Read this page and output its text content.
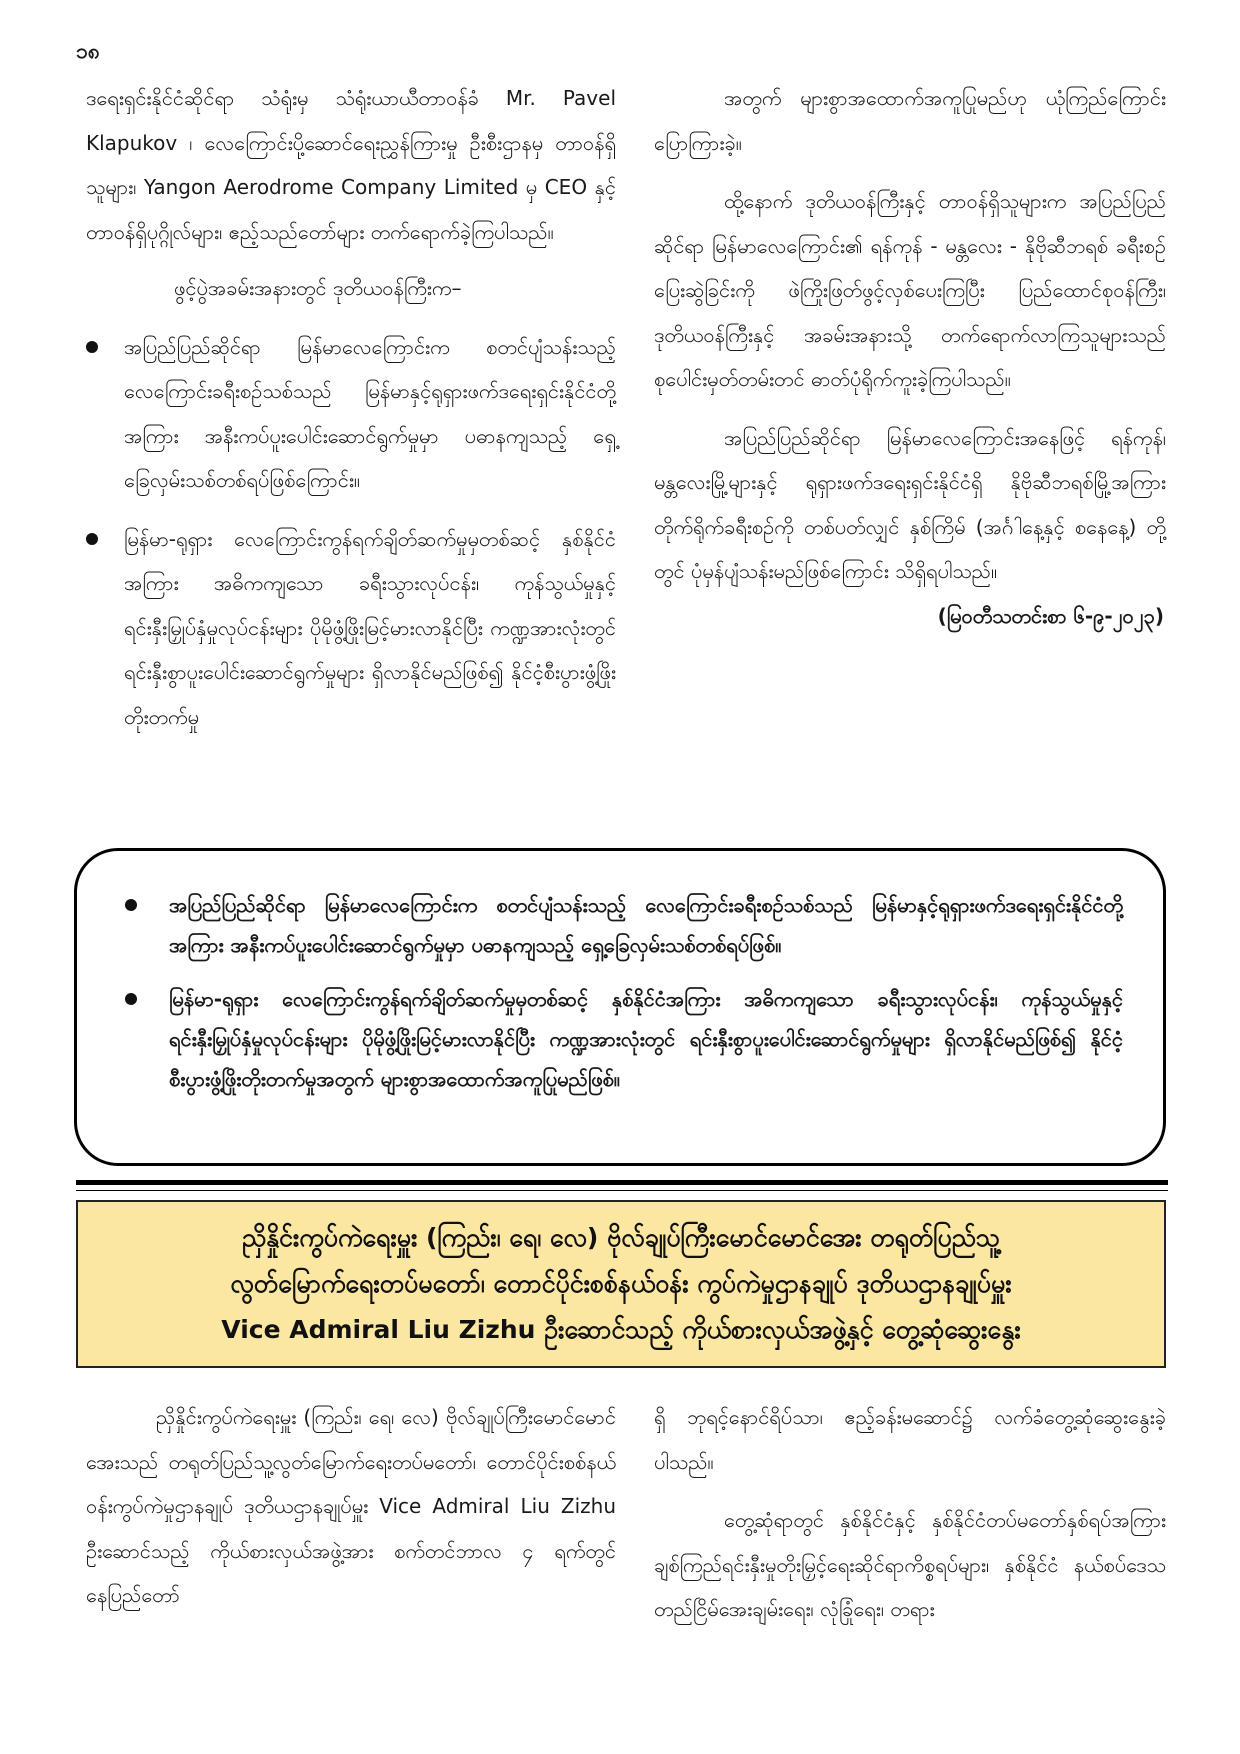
၁၈

ဒရေးရှင်းနိုင်ငံဆိုင်ရာ သံရုံးမှ သံရုံးယာယီတာဝန်ခံ Mr. Pavel Klapukov ၊ လေကြောင်းပို့ဆောင်ရေးညွှန်ကြားမှု ဦးစီးဌာနမှ တာဝန်ရှိသူများ၊ Yangon Aerodrome Company Limited မှ CEO နှင့် တာဝန်ရှိပုဂ္ဂိုလ်များ၊ ဧည့်သည်တော်များ တက်ရောက်ခဲ့ကြပါသည်။

ဖွင့်ပွဲအခမ်းအနားတွင် ဒုတိယဝန်ကြီးက–

အပြည်ပြည်ဆိုင်ရာ မြန်မာလေကြောင်းက စတင်ပျံသန်းသည့် လေကြောင်းခရီးစဉ်သစ်သည် မြန်မာနှင့်ရုရှားဖက်ဒရေးရှင်းနိုင်ငံတို့အကြား အနီးကပ်ပူးပေါင်းဆောင်ရွက်မှုမှာ ပဓာနကျသည့် ရှေ့ခြေလှမ်းသစ်တစ်ရပ်ဖြစ်ကြောင်း။
မြန်မာ-ရုရှား လေကြောင်းကွန်ရက်ချိတ်ဆက်မှုမှတစ်ဆင့် နှစ်နိုင်ငံအကြား အဓိကကျသော ခရီးသွားလုပ်ငန်း၊ ကုန်သွယ်မှုနှင့် ရင်းနှီးမြှုပ်နှံမှုလုပ်ငန်းများ ပိုမိုဖွံ့ဖြိုးမြင့်မားလာနိုင်ပြီး ကဏ္ဍအားလုံးတွင် ရင်းနှီးစွာပူးပေါင်းဆောင်ရွက်မှုများ ရှိလာနိုင်မည်ဖြစ်၍ နိုင်ငံ့စီးပွားဖွံ့ဖြိုးတိုးတက်မှု

အတွက် များစွာအထောက်အကူပြုမည်ဟု ယုံကြည်ကြောင်း ပြောကြားခဲ့။

ထို့နောက် ဒုတိယဝန်ကြီးနှင့် တာဝန်ရှိသူများက အပြည်ပြည်ဆိုင်ရာ မြန်မာလေကြောင်း၏ ရန်ကုန် - မန္တလေး - နိုဗိုဆီဘရစ် ခရီးစဉ်ပြေးဆွဲခြင်းကို ဖဲကြိုးဖြတ်ဖွင့်လှစ်ပေးကြပြီး ပြည်ထောင်စုဝန်ကြီး၊ ဒုတိယဝန်ကြီးနှင့် အခမ်းအနားသို့ တက်ရောက်လာကြသူများသည် စုပေါင်းမှတ်တမ်းတင် ဓာတ်ပုံရိုက်ကူးခဲ့ကြပါသည်။

အပြည်ပြည်ဆိုင်ရာ မြန်မာလေကြောင်းအနေဖြင့် ရန်ကုန်၊ မန္တလေးမြို့များနှင့် ရုရှားဖက်ဒရေးရှင်းနိုင်ငံရှိ နိုဗိုဆီဘရစ်မြို့အကြား တိုက်ရိုက်ခရီးစဉ်ကို တစ်ပတ်လျှင် နှစ်ကြိမ် (အင်္ဂါနေ့နှင့် စနေနေ့) တို့တွင် ပုံမှန်ပျံသန်းမည်ဖြစ်ကြောင်း သိရှိရပါသည်။

(မြဝတီသတင်းစာ ၆-၉-၂၀၂၃)

အပြည်ပြည်ဆိုင်ရာ မြန်မာလေကြောင်းက စတင်ပျံသန်းသည့် လေကြောင်းခရီးစဉ်သစ်သည် မြန်မာနှင့်ရုရှားဖက်ဒရေးရှင်းနိုင်ငံတို့အကြား အနီးကပ်ပူးပေါင်းဆောင်ရွက်မှုမှာ ပဓာနကျသည့် ရှေ့ခြေလှမ်းသစ်တစ်ရပ်ဖြစ်။
မြန်မာ-ရုရှား လေကြောင်းကွန်ရက်ချိတ်ဆက်မှုမှတစ်ဆင့် နှစ်နိုင်ငံအကြား အဓိကကျသော ခရီးသွားလုပ်ငန်း၊ ကုန်သွယ်မှုနှင့် ရင်းနှီးမြှုပ်နှံမှုလုပ်ငန်းများ ပိုမိုဖွံ့ဖြိုးမြင့်မားလာနိုင်ပြီး ကဏ္ဍအားလုံးတွင် ရင်းနှီးစွာပူးပေါင်းဆောင်ရွက်မှုများ ရှိလာနိုင်မည်ဖြစ်၍ နိုင်ငံ့စီးပွားဖွံ့ဖြိုးတိုးတက်မှုအတွက် များစွာအထောက်အကူပြုမည်ဖြစ်။
ညှိနှိုင်းကွပ်ကဲရေးမှူး (ကြည်း၊ ရေ၊ လေ) ဗိုလ်ချုပ်ကြီးမောင်မောင်အေး တရုတ်ပြည်သူ့
လွတ်မြောက်ရေးတပ်မတော်၊ တောင်ပိုင်းစစ်နယ်ဝန်း ကွပ်ကဲမှုဌာနချုပ် ဒုတိယဌာနချုပ်မှူး
Vice Admiral Liu Zizhu ဦးဆောင်သည့် ကိုယ်စားလှယ်အဖွဲ့နှင့် တွေ့ဆုံဆွေးနွေး

ညှိနှိုင်းကွပ်ကဲရေးမှူး (ကြည်း၊ ရေ၊ လေ) ဗိုလ်ချုပ်ကြီးမောင်မောင်အေးသည် တရုတ်ပြည်သူ့လွတ်မြောက်ရေးတပ်မတော်၊ တောင်ပိုင်းစစ်နယ်ဝန်းကွပ်ကဲမှုဌာနချုပ် ဒုတိယဌာနချုပ်မှူး Vice Admiral Liu Zizhu ဦးဆောင်သည့် ကိုယ်စားလှယ်အဖွဲ့အား စက်တင်ဘာလ ၄ ရက်တွင် နေပြည်တော်

ရှိ ဘုရင့်နောင်ရိပ်သာ၊ ဧည့်ခန်းမဆောင်၌ လက်ခံတွေ့ဆုံဆွေးနွေးခဲ့ပါသည်။

တွေ့ဆုံရာတွင် နှစ်နိုင်ငံနှင့် နှစ်နိုင်ငံတပ်မတော်နှစ်ရပ်အကြား ချစ်ကြည်ရင်းနှီးမှုတိုးမြှင့်ရေးဆိုင်ရာကိစ္စရပ်များ၊ နှစ်နိုင်ငံ နယ်စပ်ဒေသတည်ငြိမ်အေးချမ်းရေး၊ လုံခြုံရေး၊ တရား
